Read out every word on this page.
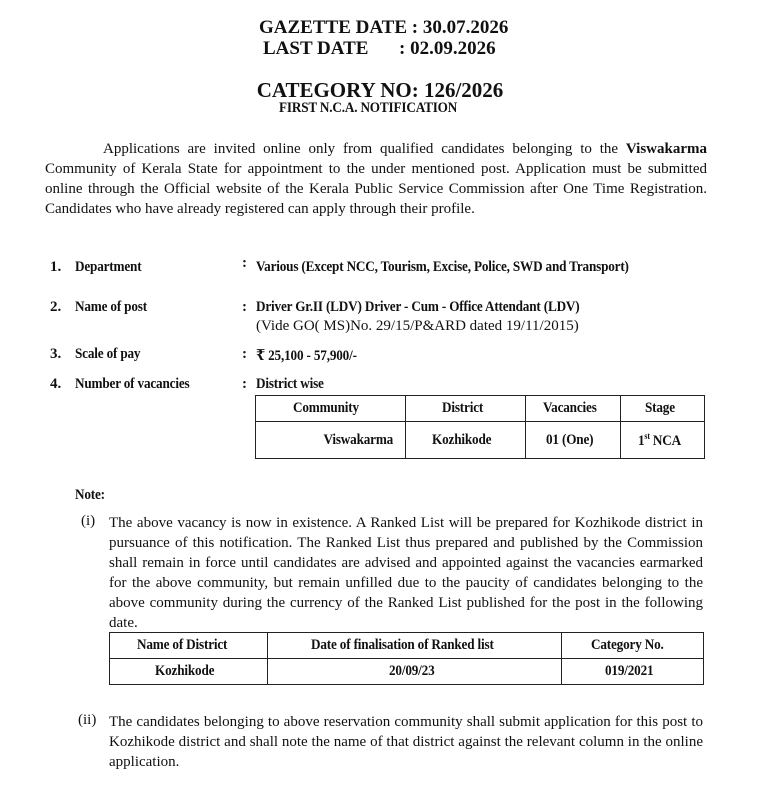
GAZETTE DATE : 30.07.2026
LAST DATE : 02.09.2026
CATEGORY NO: 126/2026
FIRST N.C.A. NOTIFICATION

Applications are invited online only from qualified candidates belonging to the Viswakarma Community of Kerala State for appointment to the under mentioned post. Application must be submitted online through the Official website of the Kerala Public Service Commission after One Time Registration. Candidates who have already registered can apply through their profile.

1. Department	: Various (Except NCC, Tourism, Excise, Police, SWD and Transport)
2. Name of post	: Driver Gr.II (LDV) Driver - Cum - Office Attendant (LDV)
(Vide GO( MS)No. 29/15/P&ARD dated 19/11/2015)
3. Scale of pay	: ₹ 25,100 - 57,900/-
4. Number of vacancies	: District wise
Community	District	Vacancies	Stage
Viswakarma	Kozhikode	01 (One)	1st NCA
Note:
(i) The above vacancy is now in existence. A Ranked List will be prepared for Kozhikode district in pursuance of this notification. The Ranked List thus prepared and published by the Commission shall remain in force until candidates are advised and appointed against the vacancies earmarked for the above community, but remain unfilled due to the paucity of candidates belonging to the above community during the currency of the Ranked List published for the post in the following date.

Name of District	Date of finalisation of Ranked list	Category No.
Kozhikode	20/09/23	019/2021
(ii) The candidates belonging to above reservation community shall submit application for this post to Kozhikode district and shall note the name of that district against the relevant column in the online application.
